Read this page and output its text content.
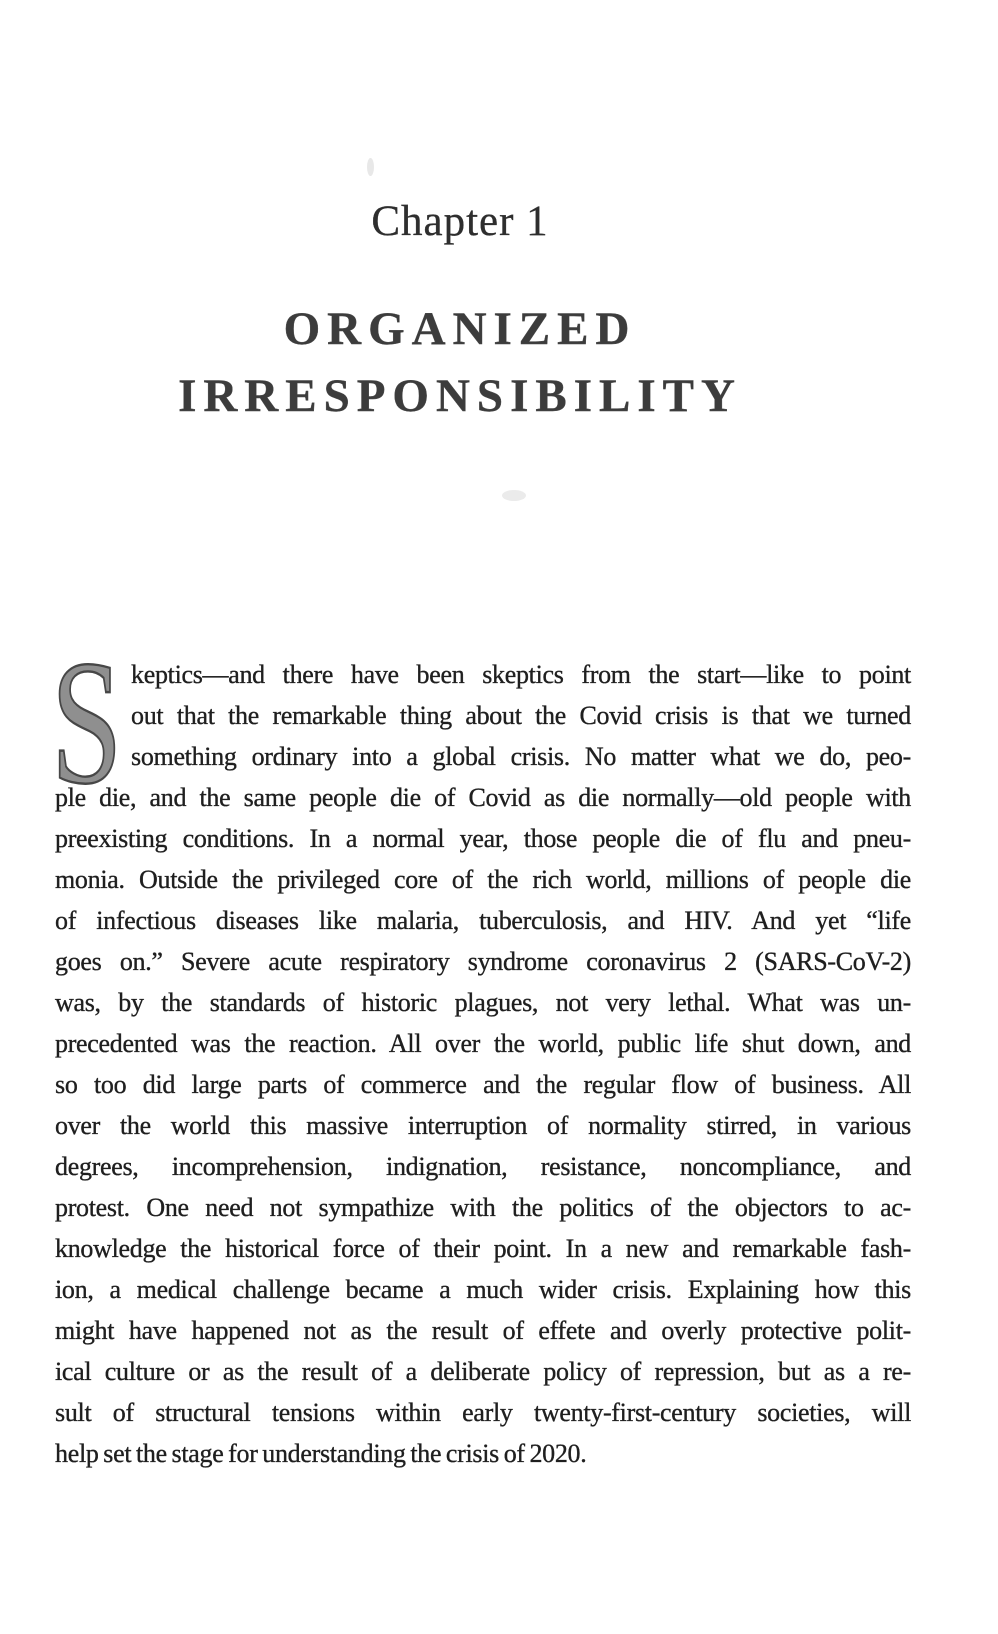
Chapter 1
ORGANIZED
IRRESPONSIBILITY
S keptics—and there have been skeptics from the start—like to point
out that the remarkable thing about the Covid crisis is that we turned
something ordinary into a global crisis. No matter what we do, peo-
ple die, and the same people die of Covid as die normally—old people with
preexisting conditions. In a normal year, those people die of flu and pneu-
monia. Outside the privileged core of the rich world, millions of people die
of infectious diseases like malaria, tuberculosis, and HIV. And yet “life
goes on.” Severe acute respiratory syndrome coronavirus 2 (SARS-CoV-2)
was, by the standards of historic plagues, not very lethal. What was un-
precedented was the reaction. All over the world, public life shut down, and
so too did large parts of commerce and the regular flow of business. All
over the world this massive interruption of normality stirred, in various
degrees, incomprehension, indignation, resistance, noncompliance, and
protest. One need not sympathize with the politics of the objectors to ac-
knowledge the historical force of their point. In a new and remarkable fash-
ion, a medical challenge became a much wider crisis. Explaining how this
might have happened not as the result of effete and overly protective polit-
ical culture or as the result of a deliberate policy of repression, but as a re-
sult of structural tensions within early twenty-first-century societies, will
help set the stage for understanding the crisis of 2020.
